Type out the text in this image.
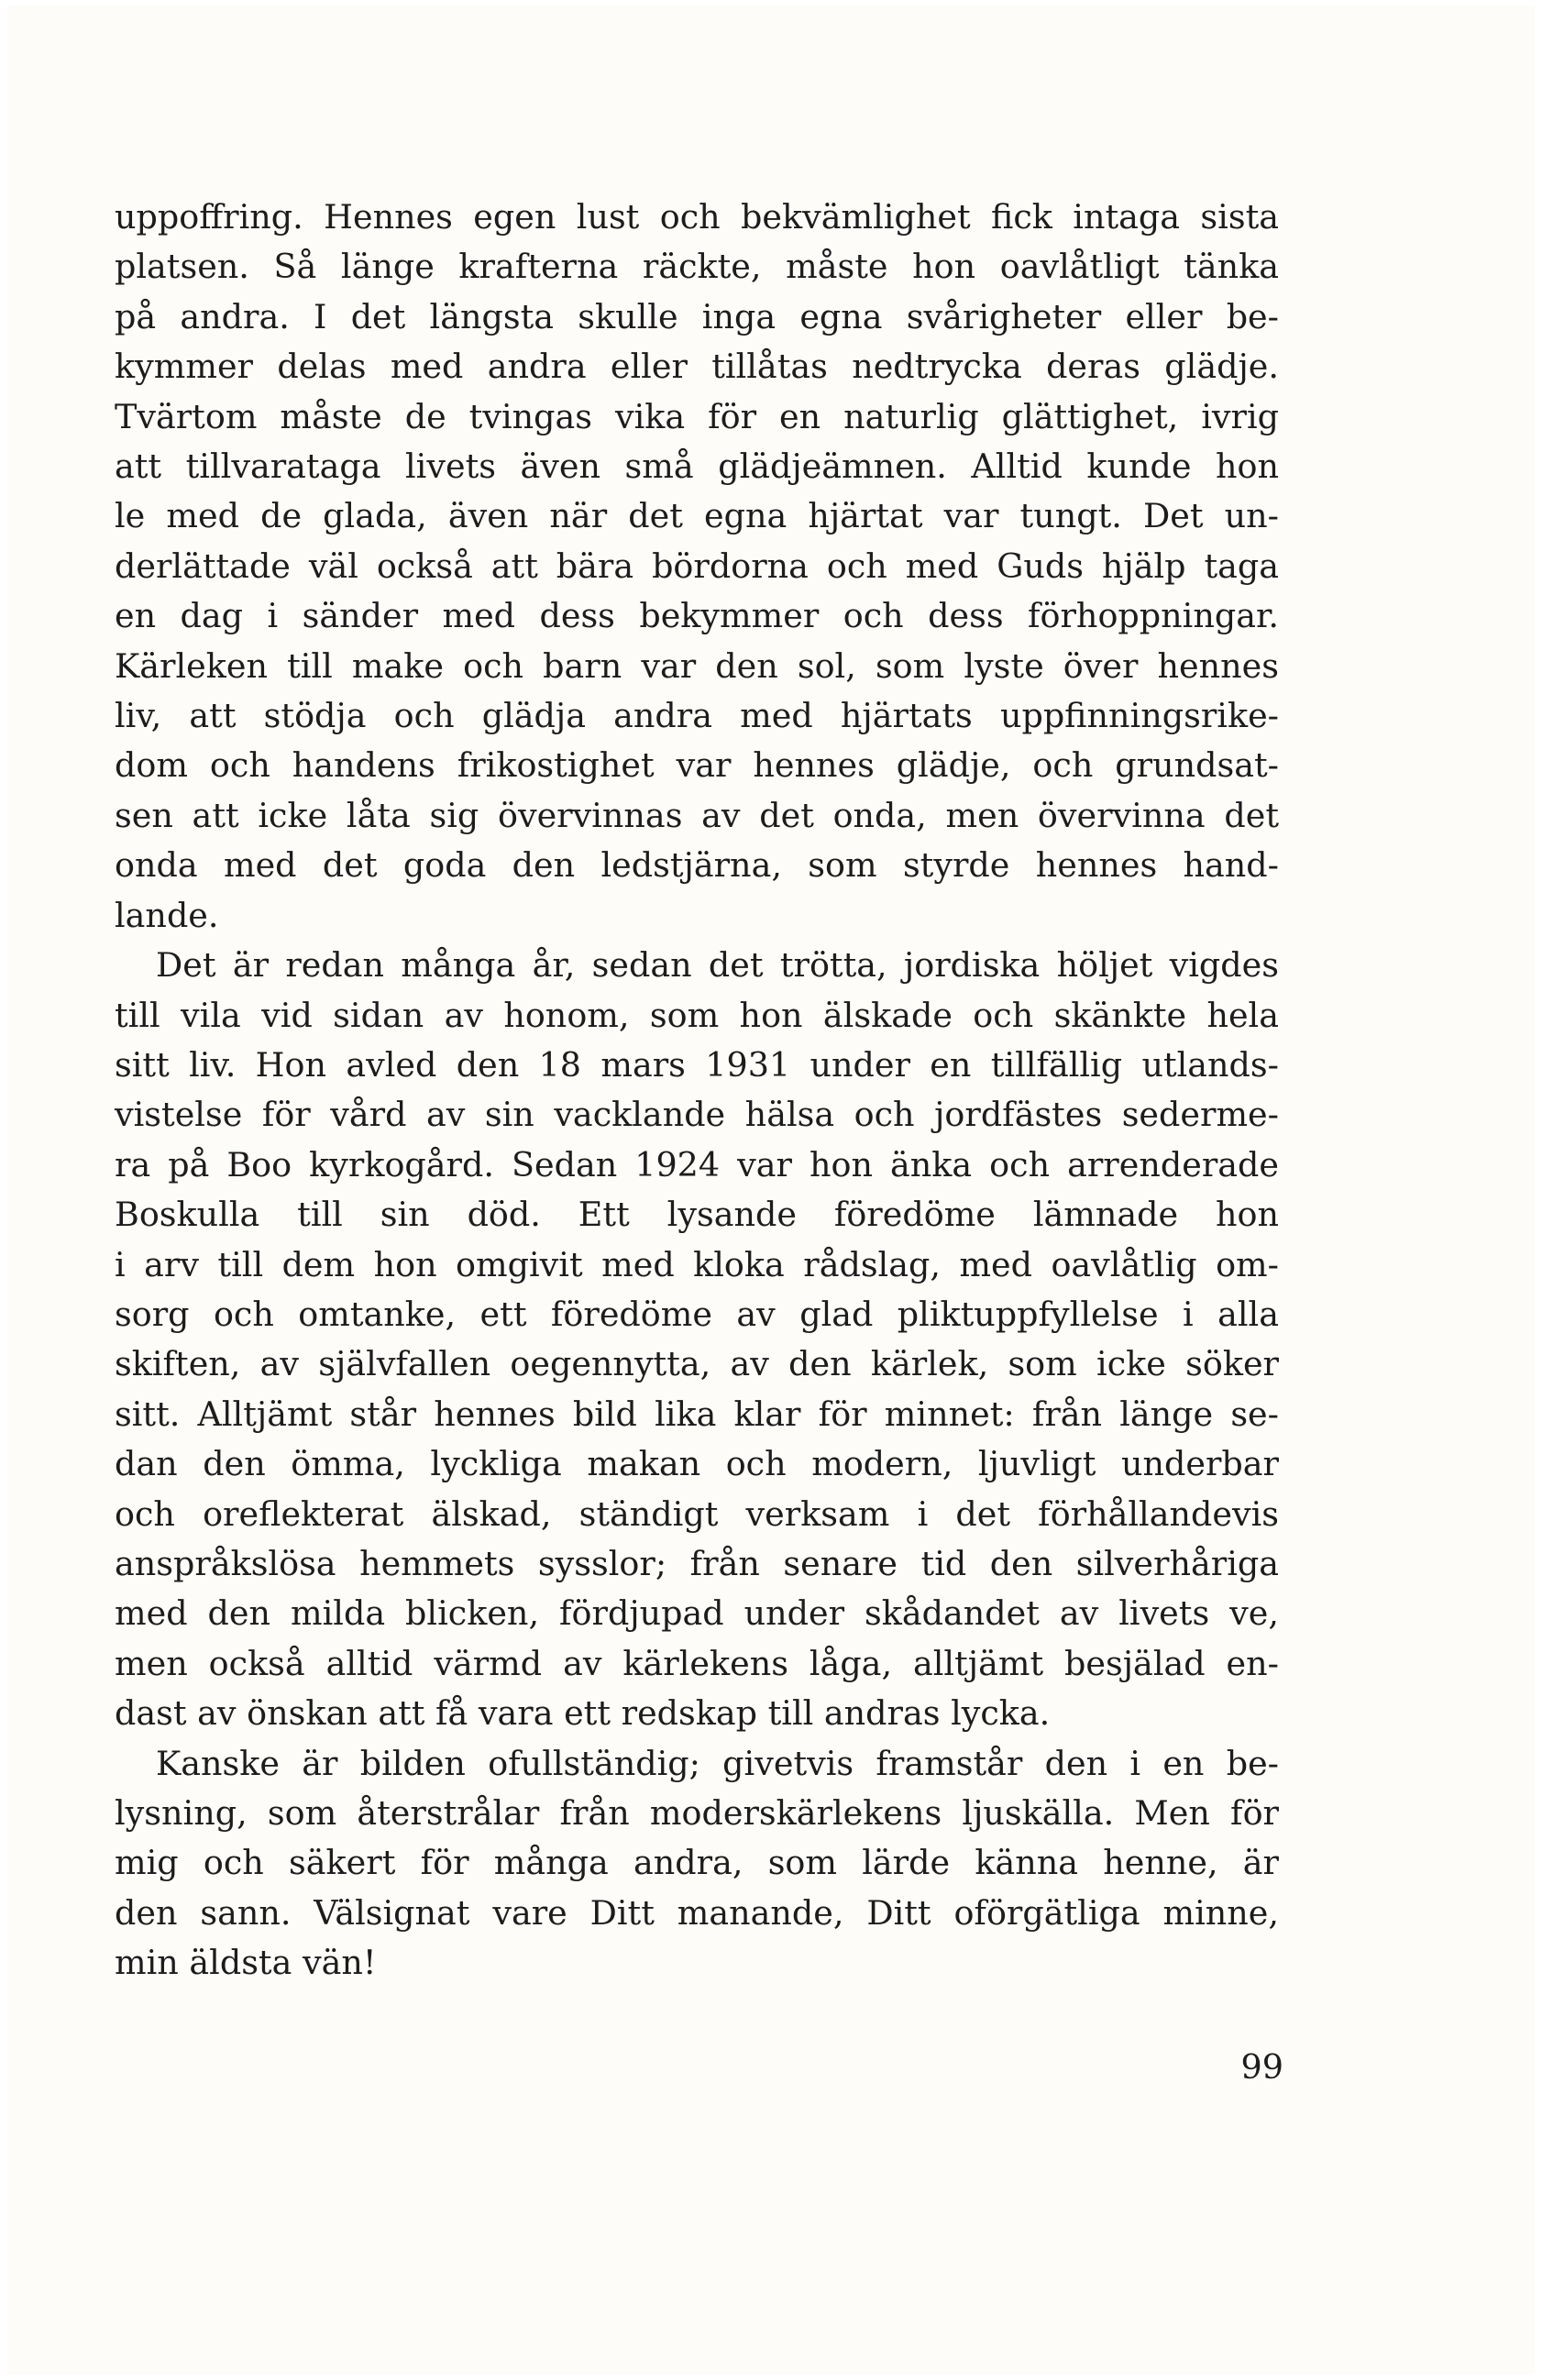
uppoffring. Hennes egen lust och bekvämlighet fick intaga sista
platsen. Så länge krafterna räckte, måste hon oavlåtligt tänka
på andra. I det längsta skulle inga egna svårigheter eller be-
kymmer delas med andra eller tillåtas nedtrycka deras glädje.
Tvärtom måste de tvingas vika för en naturlig glättighet, ivrig
att tillvarataga livets även små glädjeämnen. Alltid kunde hon
le med de glada, även när det egna hjärtat var tungt. Det un-
derlättade väl också att bära bördorna och med Guds hjälp taga
en dag i sänder med dess bekymmer och dess förhoppningar.
Kärleken till make och barn var den sol, som lyste över hennes
liv, att stödja och glädja andra med hjärtats uppfinningsrike-
dom och handens frikostighet var hennes glädje, och grundsat-
sen att icke låta sig övervinnas av det onda, men övervinna det
onda med det goda den ledstjärna, som styrde hennes hand-
lande.
Det är redan många år, sedan det trötta, jordiska höljet vigdes
till vila vid sidan av honom, som hon älskade och skänkte hela
sitt liv. Hon avled den 18 mars 1931 under en tillfällig utlands-
vistelse för vård av sin vacklande hälsa och jordfästes sederme-
ra på Boo kyrkogård. Sedan 1924 var hon änka och arrenderade
Boskulla till sin död. Ett lysande föredöme lämnade hon
i arv till dem hon omgivit med kloka rådslag, med oavlåtlig om-
sorg och omtanke, ett föredöme av glad pliktuppfyllelse i alla
skiften, av självfallen oegennytta, av den kärlek, som icke söker
sitt. Alltjämt står hennes bild lika klar för minnet: från länge se-
dan den ömma, lyckliga makan och modern, ljuvligt underbar
och oreflekterat älskad, ständigt verksam i det förhållandevis
anspråkslösa hemmets sysslor; från senare tid den silverhåriga
med den milda blicken, fördjupad under skådandet av livets ve,
men också alltid värmd av kärlekens låga, alltjämt besjälad en-
dast av önskan att få vara ett redskap till andras lycka.
Kanske är bilden ofullständig; givetvis framstår den i en be-
lysning, som återstrålar från moderskärlekens ljuskälla. Men för
mig och säkert för många andra, som lärde känna henne, är
den sann. Välsignat vare Ditt manande, Ditt oförgätliga minne,
min äldsta vän!
99
